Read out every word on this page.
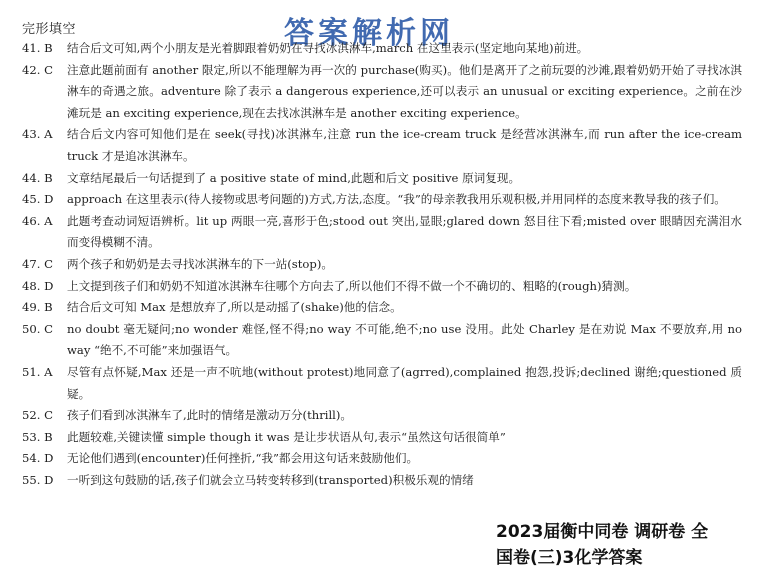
完形填空	答案解析网
41. B	结合后文可知,两个小朋友是光着脚跟着奶奶在寻找冰淇淋车,march 在这里表示(坚定地向某地)前进。
42. C	注意此题前面有 another 限定,所以不能理解为再一次的 purchase(购买)。他们是离开了之前玩耍的沙滩,跟着奶奶开始了寻找冰淇淋车的奇遇之旅。adventure 除了表示 a dangerous experience,还可以表示 an unusual or exciting experience。之前在沙滩玩是 an exciting experience,现在去找冰淇淋车是 another exciting experience。
43. A	结合后文内容可知他们是在 seek(寻找)冰淇淋车,注意 run the ice-cream truck 是经营冰淇淋车,而 run after the ice-cream truck 才是追冰淇淋车。
44. B	文章结尾最后一句话提到了 a positive state of mind,此题和后文 positive 原词复现。
45. D	approach 在这里表示(待人接物或思考问题的)方式,方法,态度。“我”的母亲教我用乐观积极,并用同样的态度来教导我的孩子们。
46. A	此题考查动词短语辨析。lit up 两眼一亮,喜形于色;stood out 突出,显眼;glared down 怒目往下看;misted over 眼睛因充满泪水而变得模糊不清。
47. C	两个孩子和奶奶是去寻找冰淇淋车的下一站(stop)。
48. D	上文提到孩子们和奶奶不知道冰淇淋车往哪个方向去了,所以他们不得不做一个不确切的、粗略的(rough)猜测。
49. B	结合后文可知 Max 是想放弃了,所以是动摇了(shake)他的信念。
50. C	no doubt 毫无疑问;no wonder 难怪,怪不得;no way 不可能,绝不;no use 没用。此处 Charley 是在劝说 Max 不要放弃,用 no way “绝不,不可能”来加强语气。
51. A	尽管有点怀疑,Max 还是一声不吭地(without protest)地同意了(agrred),complained 抱怨,投诉;declined 谢绝;questioned 质疑。
52. C	孩子们看到冰淇淋车了,此时的情绪是激动万分(thrill)。
53. B	此题较难,关键读懂 simple though it was 是让步状语从句,表示“虽然这句话很简单”
54. D	无论他们遇到(encounter)任何挫折,“我”都会用这句话来鼓励他们。
55. D	一听到这句鼓励的话,孩子们就会立马转变转移到(transported)积极乐观的情绪
2023届衡中同卷 调研卷 全
国卷(三)3化学答案
